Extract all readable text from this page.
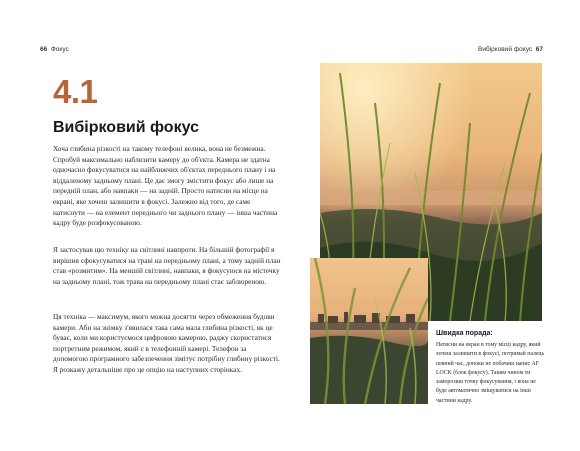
66 Фокус	Вибірковий фокус 67
4.1
Вибірковий фокус

Хоча глибина різкості на такому телефоні велика, вона не безмежна. Спробуй максимально наблизити камеру до об'єкта. Камера не здатна одночасно фокусуватися на найближчих об'єктах переднього плану і на віддаленому задньому плані. Це дає змогу змістити фокус або лише на передній план, або навпаки — на задній. Просто натисни на місце на екрані, яке хочеш залишити в фокусі. Залежно від того, де саме натиснути — на елемент переднього чи заднього плану — інша частина кадру буде розфокусованою.

Я застосував цю техніку на світлині навпроти. На більшій фотографії я вирішив сфокусуватися на траві на передньому плані, а тому задній план став «розмитим». На меншій світлині, навпаки, я фокусуюся на містечку на задньому плані, тож трава на передньому плані стає заблюреною.

Ця техніка — максимум, якого можна досягти через обмеження будови камери. Аби на знімку з'явилася така сама мала глибина різкості, як це буває, коли ми користуємося цифровою камерою, раджу скористатися портретним режимом, який є в телефонній камері. Телефон за допомогою програмного забезпечення зімітує потрібну глибину різкості. Я розкажу детальніше про це опцію на наступних сторінках.

Швидка порада:

Натисни на екран в тому місці кадру, який хочеш залишити в фокусі, потримай палець певний час, допоки не побачиш напис AF LOCK (блок фокусу). Таким чином ти заморозиш точку фокусування, і вона не буде автоматично зміщуватися на інші частини кадру.
